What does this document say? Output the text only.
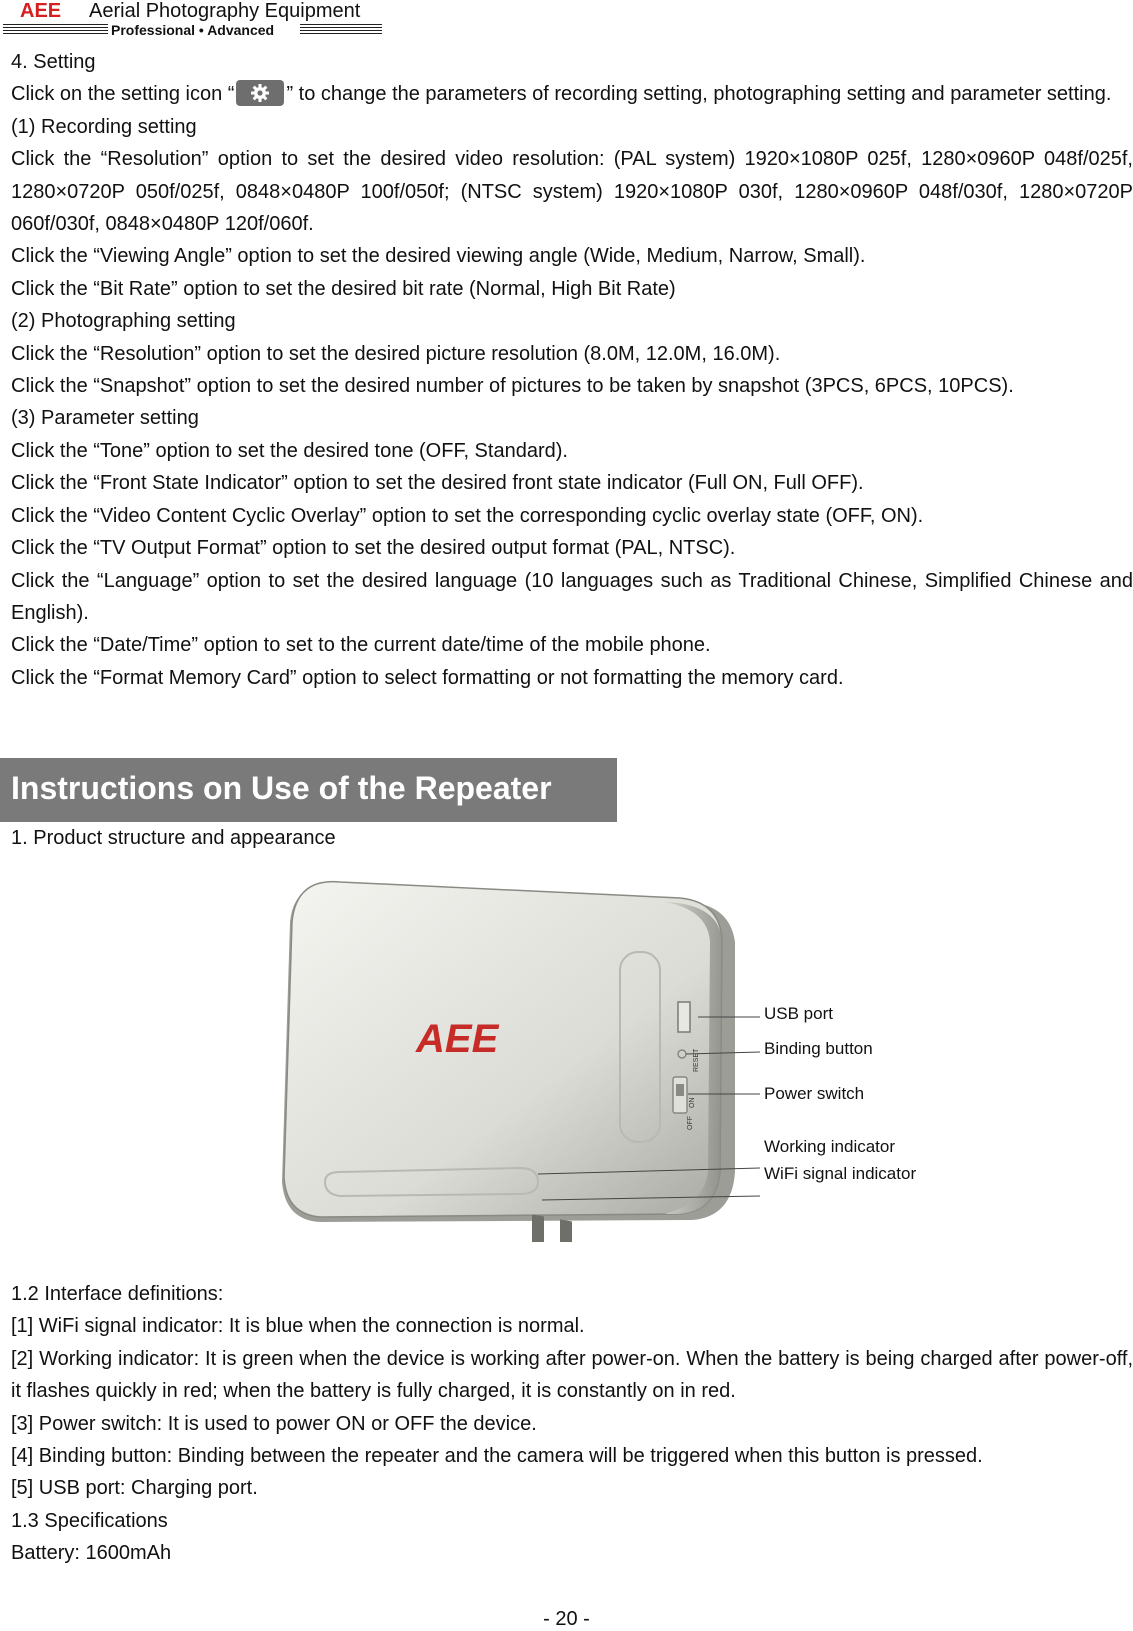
AEE Aerial Photography Equipment
Professional • Advanced

4. Setting

Click on the setting icon “	” to change the parameters of recording setting, photographing setting and parameter setting.

(1) Recording setting

Click the “Resolution” option to set the desired video resolution: (PAL system) 1920×1080P 025f, 1280×0960P 048f/025f, 1280×0720P 050f/025f, 0848×0480P 100f/050f; (NTSC system) 1920×1080P 030f, 1280×0960P 048f/030f, 1280×0720P 060f/030f, 0848×0480P 120f/060f.

Click the “Viewing Angle” option to set the desired viewing angle (Wide, Medium, Narrow, Small).

Click the “Bit Rate” option to set the desired bit rate (Normal, High Bit Rate)

(2) Photographing setting

Click the “Resolution” option to set the desired picture resolution (8.0M, 12.0M, 16.0M).

Click the “Snapshot” option to set the desired number of pictures to be taken by snapshot (3PCS, 6PCS, 10PCS).

(3) Parameter setting

Click the “Tone” option to set the desired tone (OFF, Standard).

Click the “Front State Indicator” option to set the desired front state indicator (Full ON, Full OFF).

Click the “Video Content Cyclic Overlay” option to set the corresponding cyclic overlay state (OFF, ON).

Click the “TV Output Format” option to set the desired output format (PAL, NTSC).

Click the “Language” option to set the desired language (10 languages such as Traditional Chinese, Simplified Chinese and English).

Click the “Date/Time” option to set to the current date/time of the mobile phone.

Click the “Format Memory Card” option to select formatting or not formatting the memory card.

Instructions on Use of the Repeater

1. Product structure and appearance

RESET
ON
OFF
AEE
USB port
Binding button
Power switch
Working indicator
WiFi signal indicator

1.2 Interface definitions:

[1] WiFi signal indicator: It is blue when the connection is normal.

[2] Working indicator: It is green when the device is working after power-on. When the battery is being charged after power-off, it flashes quickly in red; when the battery is fully charged, it is constantly on in red.

[3] Power switch: It is used to power ON or OFF the device.

[4] Binding button: Binding between the repeater and the camera will be triggered when this button is pressed.

[5] USB port: Charging port.

1.3 Specifications

Battery: 1600mAh

- 20 -
